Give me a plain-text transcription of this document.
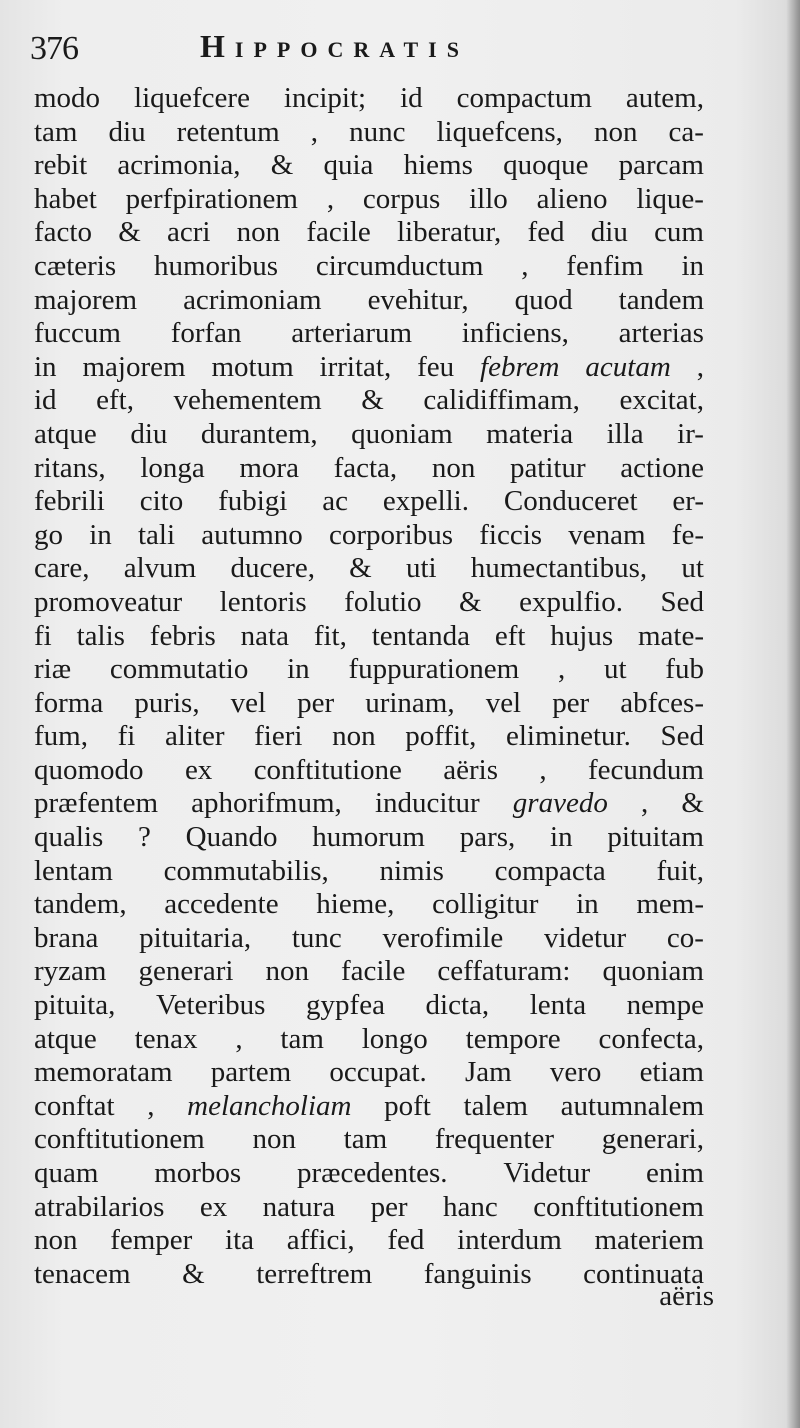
376	Hippocratis
modo liquefcere incipit; id compactum autem,
tam diu retentum , nunc liquefcens, non ca-
rebit acrimonia, & quia hiems quoque parcam
habet perfpirationem , corpus illo alieno lique-
facto & acri non facile liberatur, fed diu cum
cæteris humoribus circumductum , fenfim in
majorem acrimoniam evehitur, quod tandem
fuccum forfan arteriarum inficiens, arterias
in majorem motum irritat, feu febrem acutam ,
id eft, vehementem & calidiffimam, excitat,
atque diu durantem, quoniam materia illa ir-
ritans, longa mora facta, non patitur actione
febrili cito fubigi ac expelli. Conduceret er-
go in tali autumno corporibus ficcis venam fe-
care, alvum ducere, & uti humectantibus, ut
promoveatur lentoris folutio & expulfio. Sed
fi talis febris nata fit, tentanda eft hujus mate-
riæ commutatio in fuppurationem , ut fub
forma puris, vel per urinam, vel per abfces-
fum, fi aliter fieri non poffit, eliminetur. Sed
quomodo ex conftitutione aëris , fecundum
præfentem aphorifmum, inducitur gravedo , &
qualis ? Quando humorum pars, in pituitam
lentam commutabilis, nimis compacta fuit,
tandem, accedente hieme, colligitur in mem-
brana pituitaria, tunc verofimile videtur co-
ryzam generari non facile ceffaturam: quoniam
pituita, Veteribus gypfea dicta, lenta nempe
atque tenax , tam longo tempore confecta,
memoratam partem occupat. Jam vero etiam
conftat , melancholiam poft talem autumnalem
conftitutionem non tam frequenter generari,
quam morbos præcedentes. Videtur enim
atrabilarios ex natura per hanc conftitutionem
non femper ita affici, fed interdum materiem
tenacem & terreftrem fanguinis continuata
aëris
